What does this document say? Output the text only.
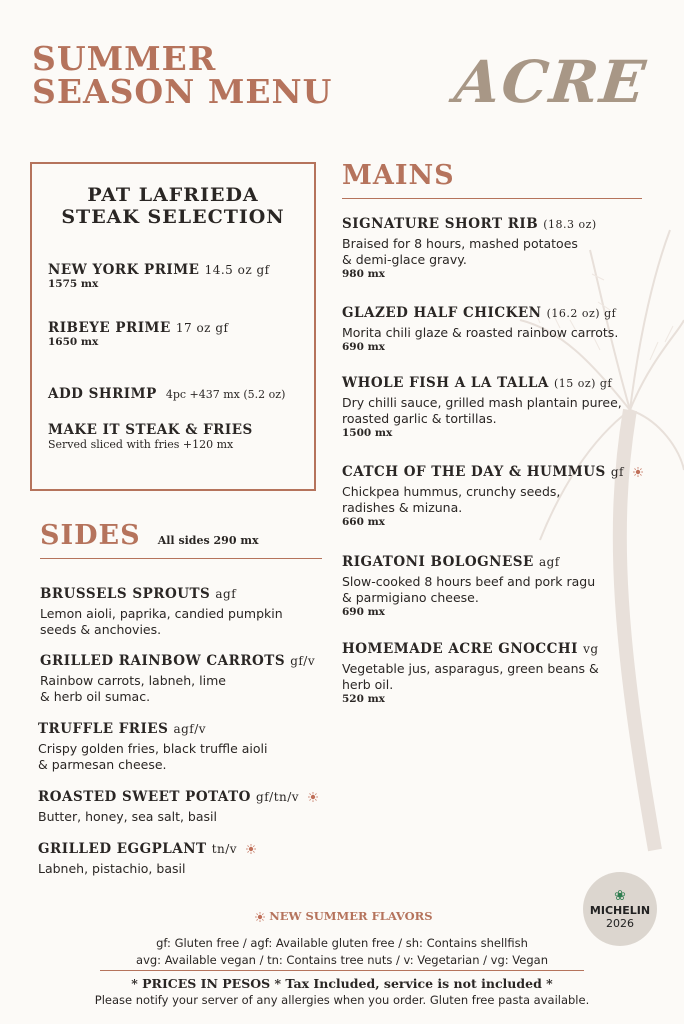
SUMMER
SEASON MENU ACRE
PAT LAFRIEDA
STEAK SELECTION
NEW YORK PRIME 14.5 oz gf
1575 mx
RIBEYE PRIME 17 oz gf
1650 mx
ADD SHRIMP 4pc +437 mx (5.2 oz)
MAKE IT STEAK & FRIES
Served sliced with fries +120 mx
SIDES All sides 290 mx
BRUSSELS SPROUTS agf
Lemon aioli, paprika, candied pumpkin
seeds & anchovies.
GRILLED RAINBOW CARROTS gf/v
Rainbow carrots, labneh, lime
& herb oil sumac.
TRUFFLE FRIES agf/v
Crispy golden fries, black truffle aioli
& parmesan cheese.
ROASTED SWEET POTATO gf/tn/v
Butter, honey, sea salt, basil
GRILLED EGGPLANT tn/v
Labneh, pistachio, basil
MAINS
SIGNATURE SHORT RIB (18.3 oz)
Braised for 8 hours, mashed potatoes
& demi-glace gravy.
980 mx
GLAZED HALF CHICKEN (16.2 oz) gf
Morita chili glaze & roasted rainbow carrots.
690 mx
WHOLE FISH A LA TALLA (15 oz) gf
Dry chilli sauce, grilled mash plantain puree,
roasted garlic & tortillas.
1500 mx
CATCH OF THE DAY & HUMMUS gf
Chickpea hummus, crunchy seeds,
radishes & mizuna.
660 mx
RIGATONI BOLOGNESE agf
Slow-cooked 8 hours beef and pork ragu
& parmigiano cheese.
690 mx
HOMEMADE ACRE GNOCCHI vg
Vegetable jus, asparagus, green beans &
herb oil.
520 mx
❀
MICHELIN
2026
NEW SUMMER FLAVORS
gf: Gluten free / agf: Available gluten free / sh: Contains shellfish
avg: Available vegan / tn: Contains tree nuts / v: Vegetarian / vg: Vegan
* PRICES IN PESOS * Tax Included, service is not included *
Please notify your server of any allergies when you order. Gluten free pasta available.
